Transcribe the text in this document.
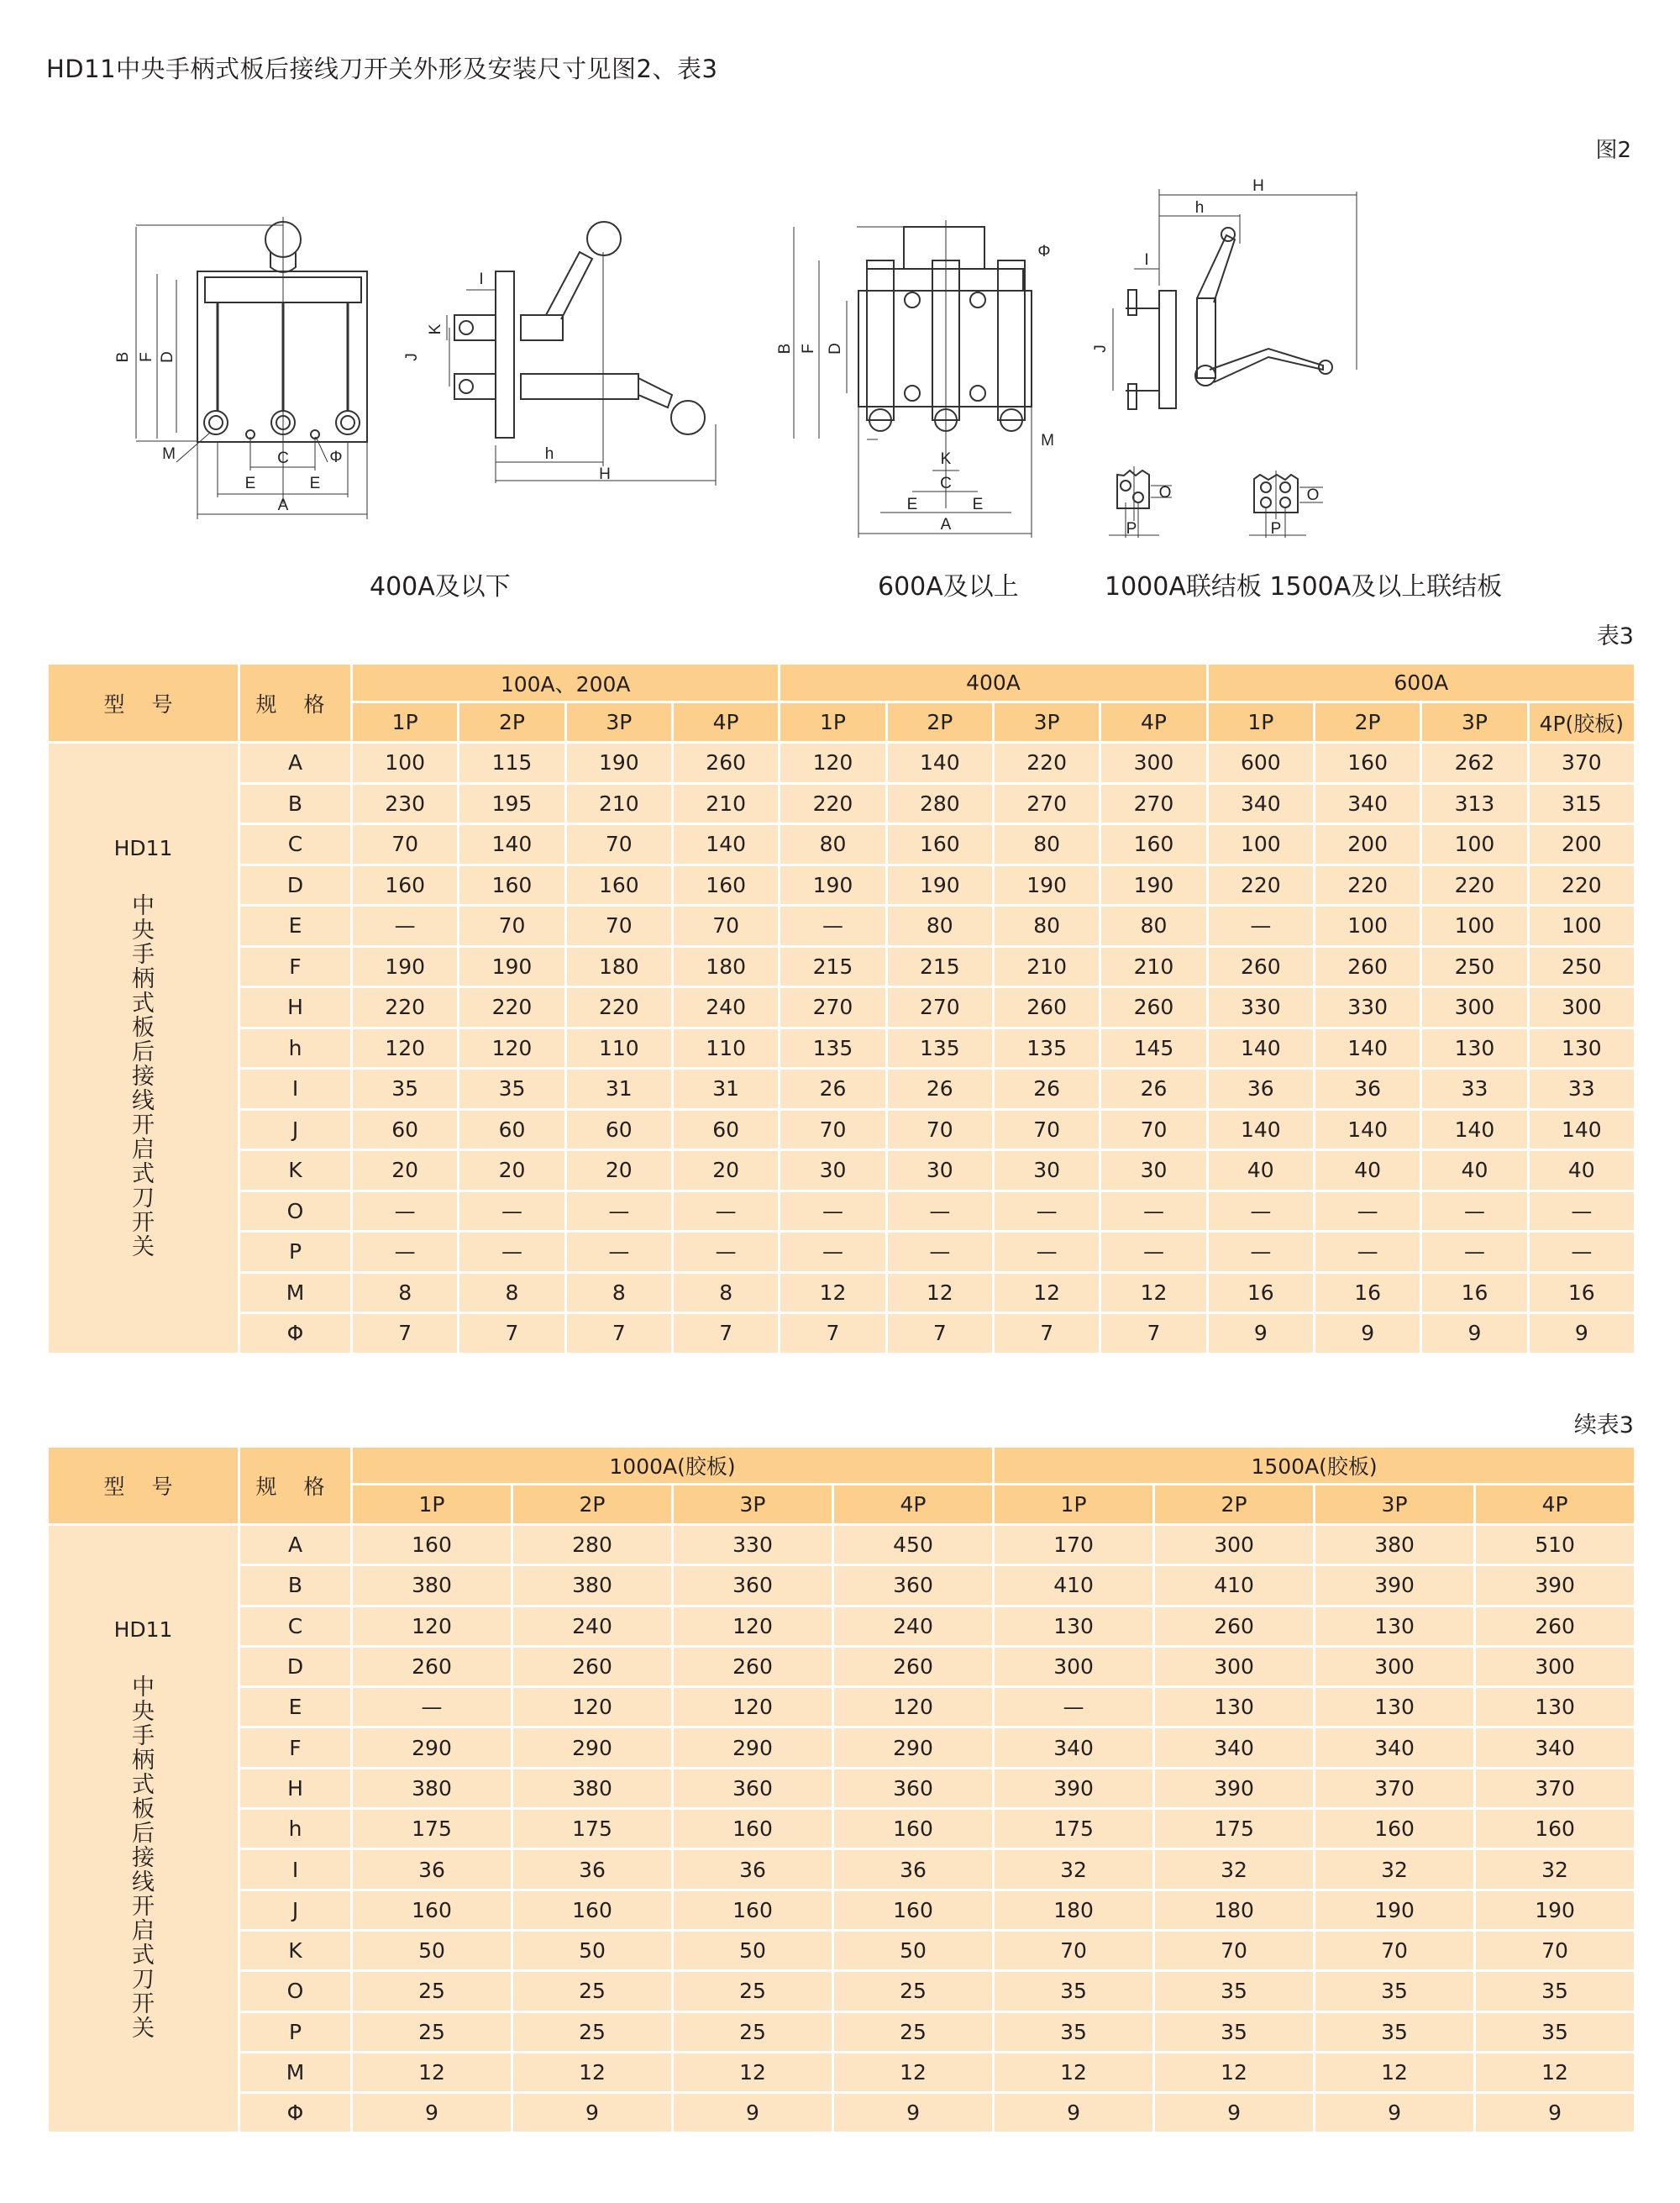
HD11中央手柄式板后接线刀开关外形及安装尺寸见图2、表3
图2
A
B
C
D
E	E
F
M	Φ
I
K
J
h
H
A
B
C
D
E	E
F
K
M
Φ
H
h
I
J
O
P
O
P
400A及以下	600A及以上	1000A联结板 1500A及以上联结板
表3
型 号	规 格	100A、200A				400A				600A			
		1P	2P	3P	4P	1P	2P	3P	4P	1P	2P	3P	4P(胶板)

HD11
中央手柄式板后接线开启式刀开关	A	100	115	190	260	120	140	220	300	600	160	262	370
	B	230	195	210	210	220	280	270	270	340	340	313	315
	C	70	140	70	140	80	160	80	160	100	200	100	200
	D	160	160	160	160	190	190	190	190	220	220	220	220
	E	—	70	70	70	—	80	80	80	—	100	100	100
	F	190	190	180	180	215	215	210	210	260	260	250	250
	H	220	220	220	240	270	270	260	260	330	330	300	300
	h	120	120	110	110	135	135	135	145	140	140	130	130
	I	35	35	31	31	26	26	26	26	36	36	33	33
	J	60	60	60	60	70	70	70	70	140	140	140	140
	K	20	20	20	20	30	30	30	30	40	40	40	40
	O	—	—	—	—	—	—	—	—	—	—	—	—
	P	—	—	—	—	—	—	—	—	—	—	—	—
	M	8	8	8	8	12	12	12	12	16	16	16	16
	Φ	7	7	7	7	7	7	7	7	9	9	9	9
续表3
型 号	规 格	1000A(胶板)				1500A(胶板)			
		1P	2P	3P	4P	1P	2P	3P	4P

HD11
中央手柄式板后接线开启式刀开关	A	160	280	330	450	170	300	380	510
	B	380	380	360	360	410	410	390	390
	C	120	240	120	240	130	260	130	260
	D	260	260	260	260	300	300	300	300
	E	—	120	120	120	—	130	130	130
	F	290	290	290	290	340	340	340	340
	H	380	380	360	360	390	390	370	370
	h	175	175	160	160	175	175	160	160
	I	36	36	36	36	32	32	32	32
	J	160	160	160	160	180	180	190	190
	K	50	50	50	50	70	70	70	70
	O	25	25	25	25	35	35	35	35
	P	25	25	25	25	35	35	35	35
	M	12	12	12	12	12	12	12	12
	Φ	9	9	9	9	9	9	9	9
